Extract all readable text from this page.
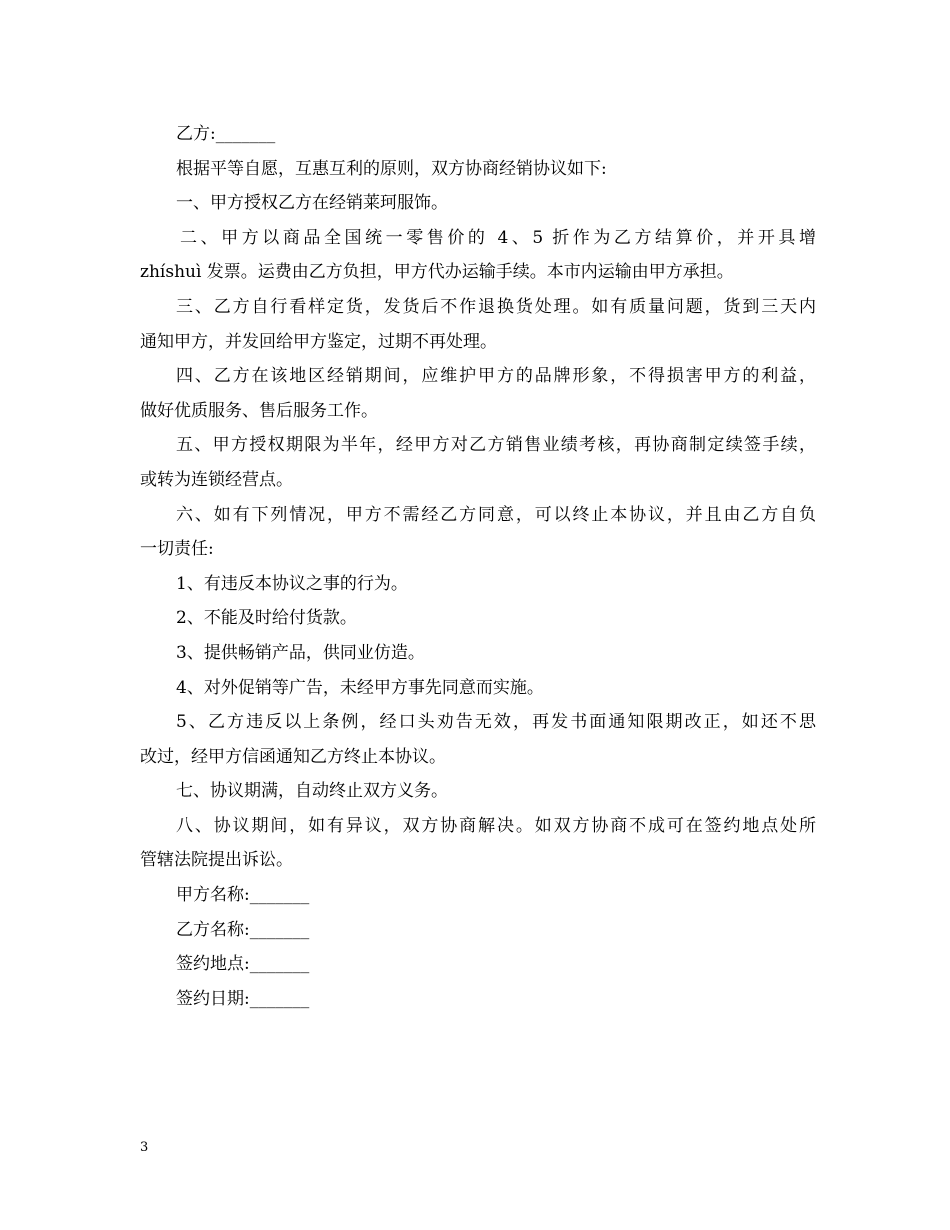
乙方:_______
根据平等自愿，互惠互利的原则，双方协商经销协议如下:
一、甲方授权乙方在经销莱珂服饰。
二、甲方以商品全国统一零售价的 4、5 折作为乙方结算价，并开具增
zhíshuì 发票。运费由乙方负担，甲方代办运输手续。本市内运输由甲方承担。
三、乙方自行看样定货，发货后不作退换货处理。如有质量问题，货到三天内
通知甲方，并发回给甲方鉴定，过期不再处理。
四、乙方在该地区经销期间，应维护甲方的品牌形象，不得损害甲方的利益，
做好优质服务、售后服务工作。
五、甲方授权期限为半年，经甲方对乙方销售业绩考核，再协商制定续签手续，
或转为连锁经营点。
六、如有下列情况，甲方不需经乙方同意，可以终止本协议，并且由乙方自负
一切责任:
1、有违反本协议之事的行为。
2、不能及时给付货款。
3、提供畅销产品，供同业仿造。
4、对外促销等广告，未经甲方事先同意而实施。
5、乙方违反以上条例，经口头劝告无效，再发书面通知限期改正，如还不思
改过，经甲方信函通知乙方终止本协议。
七、协议期满，自动终止双方义务。
八、协议期间，如有异议，双方协商解决。如双方协商不成可在签约地点处所
管辖法院提出诉讼。
甲方名称:_______
乙方名称:_______
签约地点:_______
签约日期:_______
3
